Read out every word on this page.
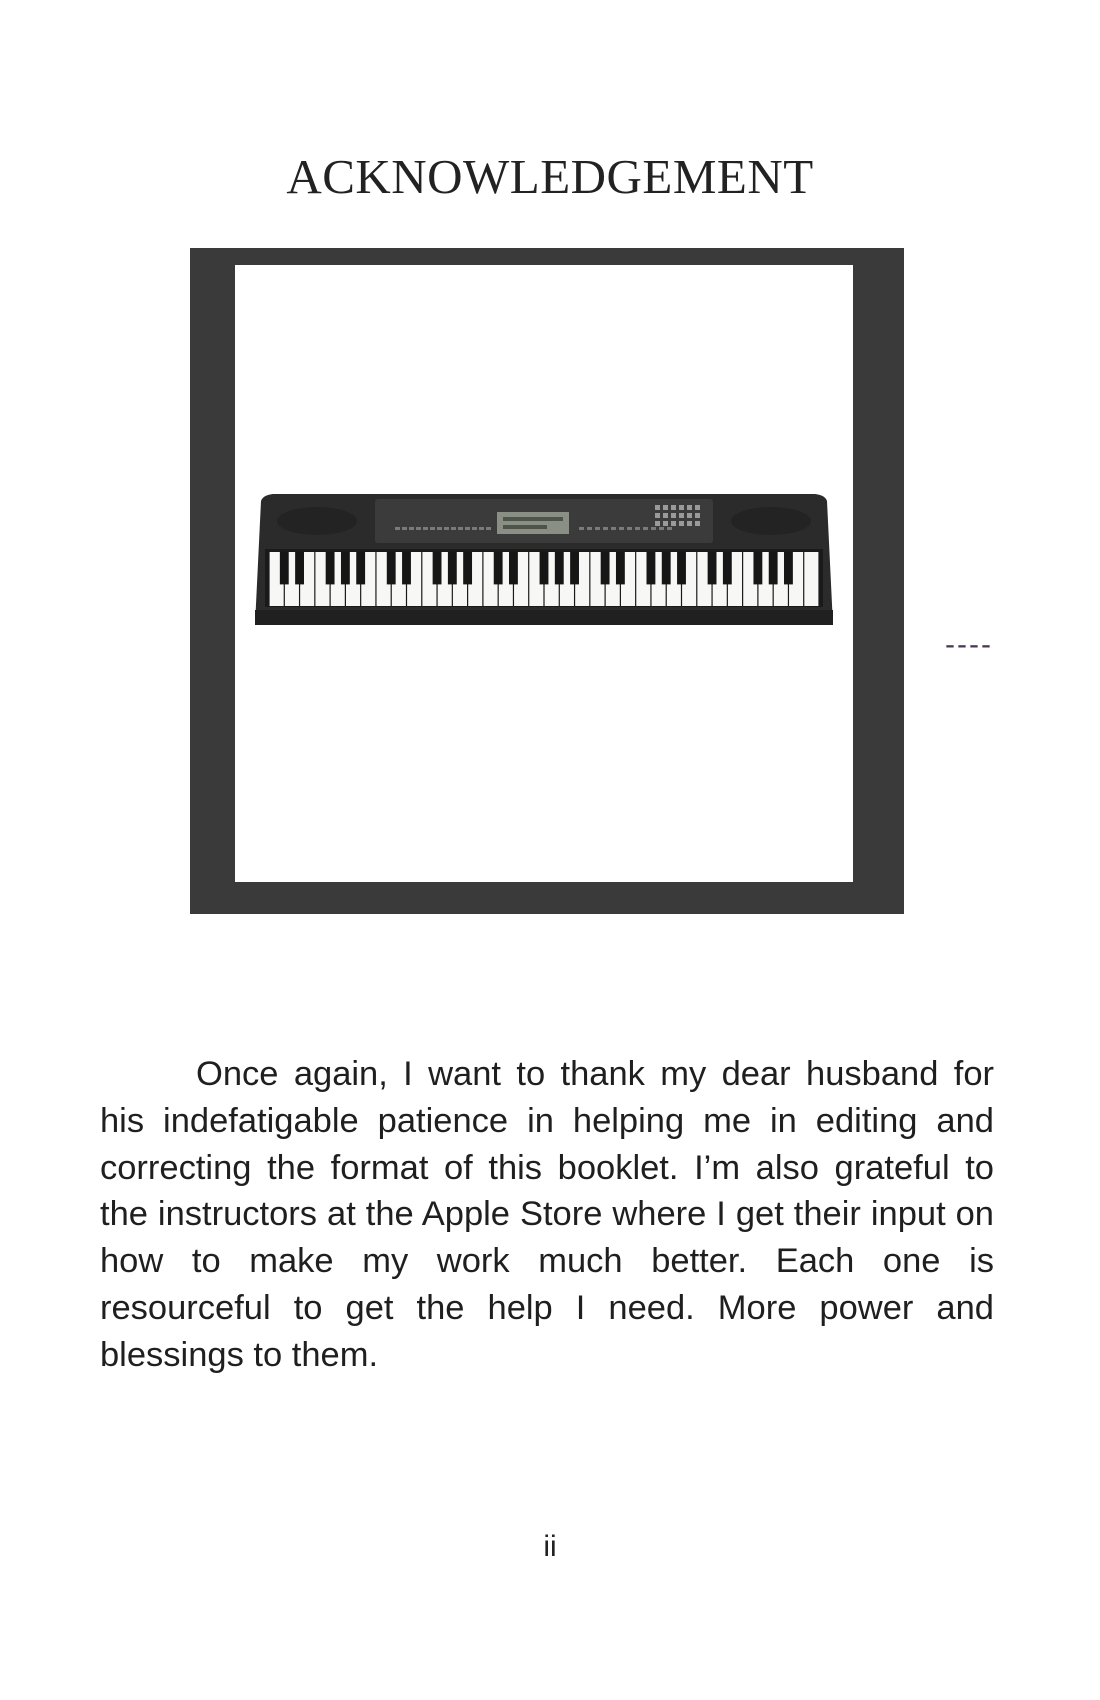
ACKNOWLEDGEMENT
----

Once again, I want to thank my dear husband for his indefatigable patience in helping me in editing and correcting the format of this booklet. I’m also grateful to the instructors at the Apple Store where I get their input on how to make my work much better. Each one is resourceful to get the help I need. More power and blessings to them.

ii
